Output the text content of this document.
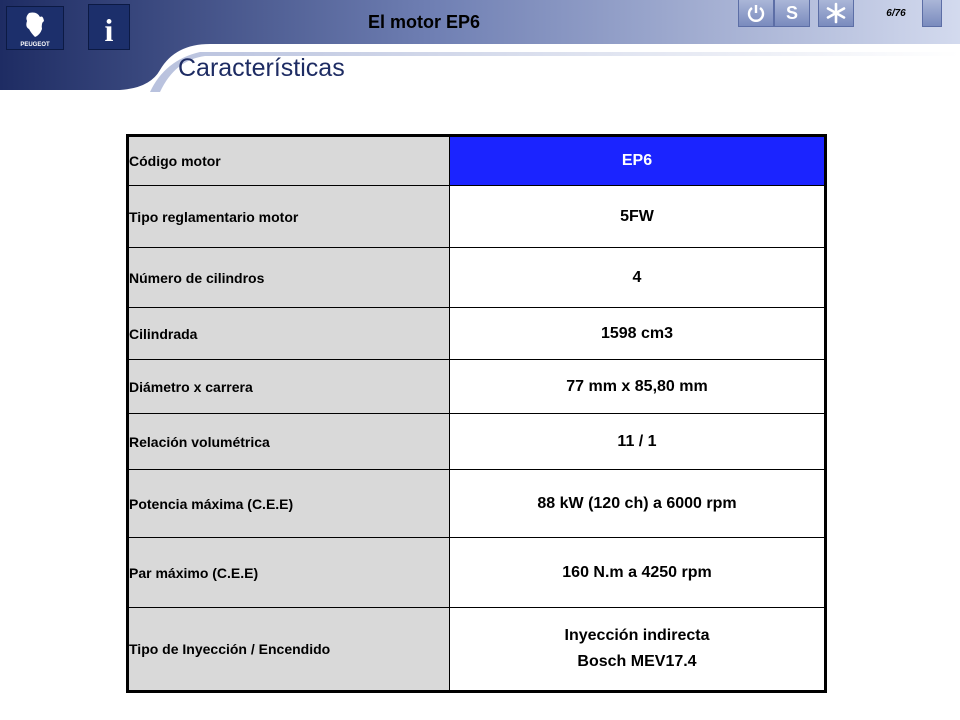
PEUGEOT i	El motor EP6	S	6/76
Características
Código motor	EP6
Tipo reglamentario motor	5FW
Número de cilindros	4
Cilindrada	1598 cm3
Diámetro x carrera	77 mm x 85,80 mm
Relación volumétrica	11 / 1
Potencia máxima (C.E.E)	88 kW (120 ch) a 6000 rpm
Par máximo (C.E.E)	160 N.m a 4250 rpm
Tipo de Inyección / Encendido	Inyección indirecta
Bosch MEV17.4
